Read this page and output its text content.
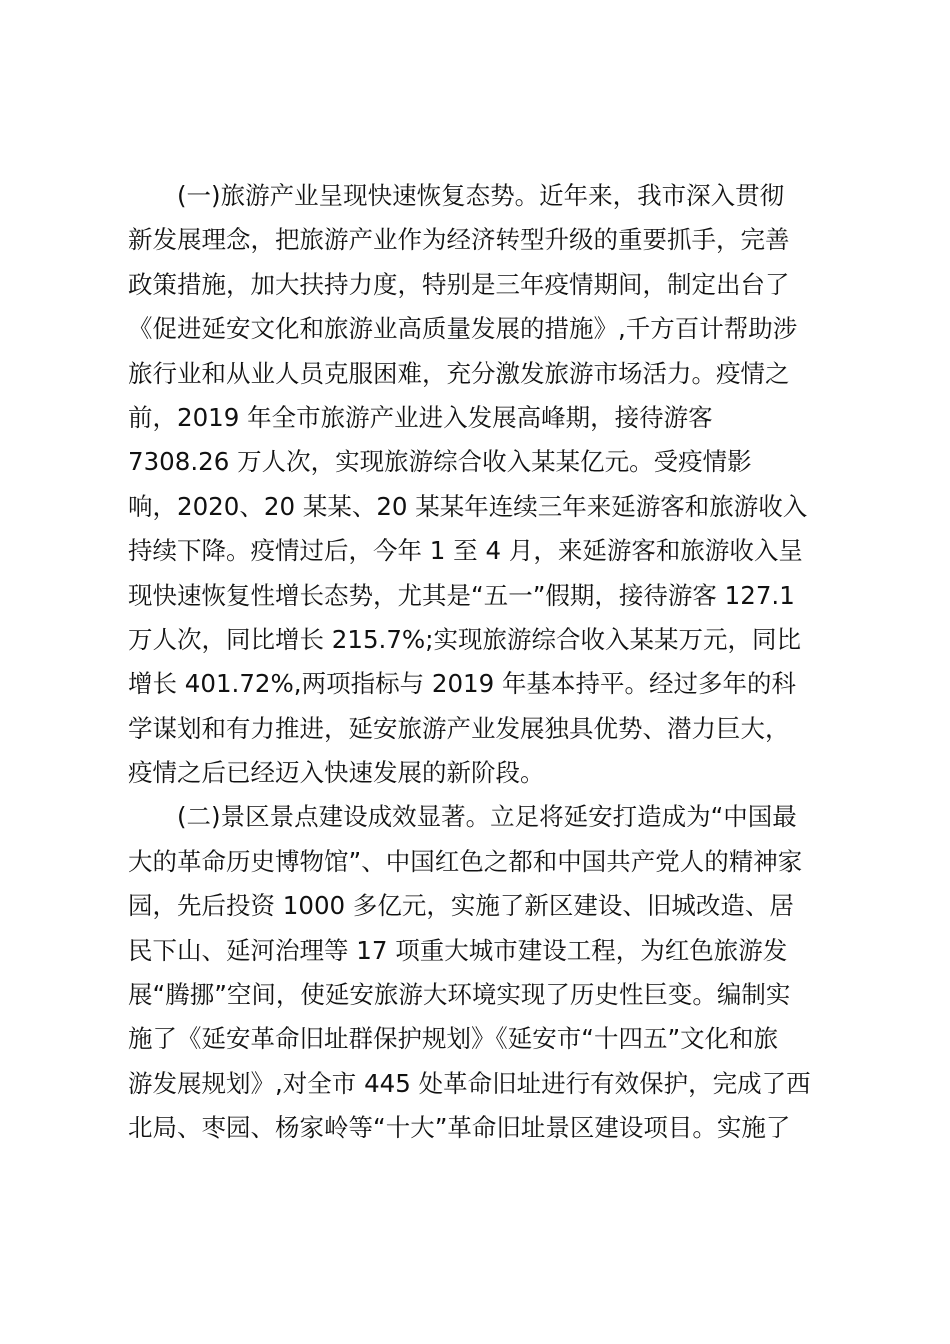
(一)旅游产业呈现快速恢复态势。近年来，我市深入贯彻
新发展理念，把旅游产业作为经济转型升级的重要抓手，完善
政策措施，加大扶持力度，特别是三年疫情期间，制定出台了
《促进延安文化和旅游业高质量发展的措施》,千方百计帮助涉
旅行业和从业人员克服困难，充分激发旅游市场活力。疫情之
前，2019 年全市旅游产业进入发展高峰期，接待游客
7308.26 万人次，实现旅游综合收入某某亿元。受疫情影
响，2020、20 某某、20 某某年连续三年来延游客和旅游收入
持续下降。疫情过后，今年 1 至 4 月，来延游客和旅游收入呈
现快速恢复性增长态势，尤其是“五一”假期，接待游客 127.1
万人次，同比增长 215.7%;实现旅游综合收入某某万元，同比
增长 401.72%,两项指标与 2019 年基本持平。经过多年的科
学谋划和有力推进，延安旅游产业发展独具优势、潜力巨大，
疫情之后已经迈入快速发展的新阶段。
(二)景区景点建设成效显著。立足将延安打造成为“中国最
大的革命历史博物馆”、中国红色之都和中国共产党人的精神家
园，先后投资 1000 多亿元，实施了新区建设、旧城改造、居
民下山、延河治理等 17 项重大城市建设工程，为红色旅游发
展“腾挪”空间，使延安旅游大环境实现了历史性巨变。编制实
施了《延安革命旧址群保护规划》《延安市“十四五”文化和旅
游发展规划》,对全市 445 处革命旧址进行有效保护，完成了西
北局、枣园、杨家岭等“十大”革命旧址景区建设项目。实施了
